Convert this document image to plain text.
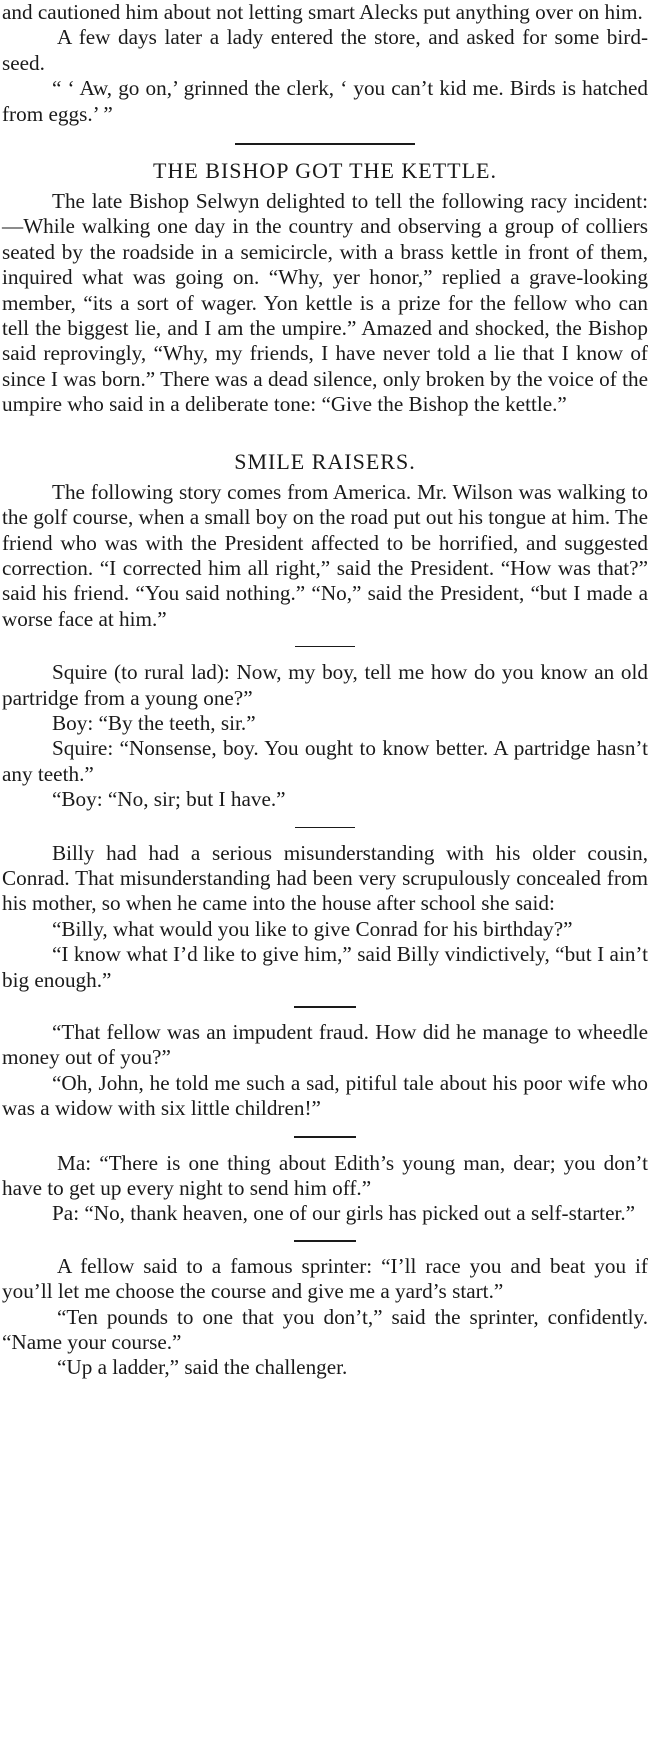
and cautioned him about not letting smart Alecks put anything over on him.

A few days later a lady entered the store, and asked for some bird-seed.

“ ‘ Aw, go on,’ grinned the clerk, ‘ you can’t kid me. Birds is hatched from eggs.’ ”

THE BISHOP GOT THE KETTLE.

The late Bishop Selwyn delighted to tell the following racy incident:—While walking one day in the country and observing a group of colliers seated by the roadside in a semicircle, with a brass kettle in front of them, inquired what was going on. “Why, yer honor,” replied a grave-looking member, “its a sort of wager. Yon kettle is a prize for the fellow who can tell the biggest lie, and I am the umpire.” Amazed and shocked, the Bishop said reprovingly, “Why, my friends, I have never told a lie that I know of since I was born.” There was a dead silence, only broken by the voice of the umpire who said in a deliberate tone: “Give the Bishop the kettle.”

SMILE RAISERS.

The following story comes from America. Mr. Wilson was walking to the golf course, when a small boy on the road put out his tongue at him. The friend who was with the President affected to be horrified, and suggested correction. “I corrected him all right,” said the President. “How was that?” said his friend. “You said nothing.” “No,” said the President, “but I made a worse face at him.”

Squire (to rural lad): Now, my boy, tell me how do you know an old partridge from a young one?”

Boy: “By the teeth, sir.”

Squire: “Nonsense, boy. You ought to know better. A partridge hasn’t any teeth.”

“Boy: “No, sir; but I have.”

Billy had had a serious misunderstanding with his older cousin, Conrad. That misunderstanding had been very scrupulously concealed from his mother, so when he came into the house after school she said:

“Billy, what would you like to give Conrad for his birthday?”

“I know what I’d like to give him,” said Billy vindictively, “but I ain’t big enough.”

“That fellow was an impudent fraud. How did he manage to wheedle money out of you?”

“Oh, John, he told me such a sad, pitiful tale about his poor wife who was a widow with six little children!”

Ma: “There is one thing about Edith’s young man, dear; you don’t have to get up every night to send him off.”

Pa: “No, thank heaven, one of our girls has picked out a self-starter.”

A fellow said to a famous sprinter: “I’ll race you and beat you if you’ll let me choose the course and give me a yard’s start.”

“Ten pounds to one that you don’t,” said the sprinter, confidently. “Name your course.”

“Up a ladder,” said the challenger.
